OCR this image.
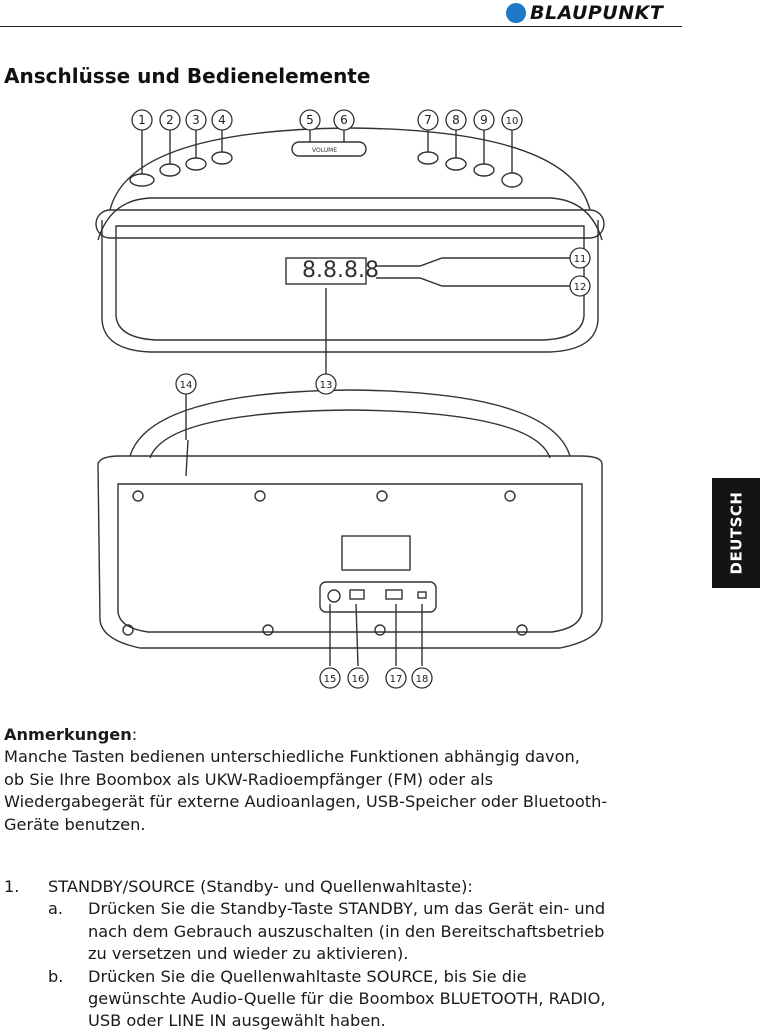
BLAUPUNKT
Anschlüsse und Bedienelemente
8.8.8.8
VOLUME
1 2 3 4	5 6	7 8 9 10
11
12
13
14
15 16	17 18
DEUTSCH

Anmerkungen:

Manche Tasten bedienen unterschiedliche Funktionen abhängig davon,

ob Sie Ihre Boombox als UKW-Radioempfänger (FM) oder als

Wiedergabegerät für externe Audioanlagen, USB-Speicher oder Bluetooth-

Geräte benutzen.

1.	STANDBY/SOURCE (Standby- und Quellenwahltaste):
a.	Drücken Sie die Standby-Taste STANDBY, um das Gerät ein- und
nach dem Gebrauch auszuschalten (in den Bereitschaftsbetrieb
zu versetzen und wieder zu aktivieren).
b.	Drücken Sie die Quellenwahltaste SOURCE, bis Sie die
gewünschte Audio-Quelle für die Boombox BLUETOOTH, RADIO,
USB oder LINE IN ausgewählt haben.
